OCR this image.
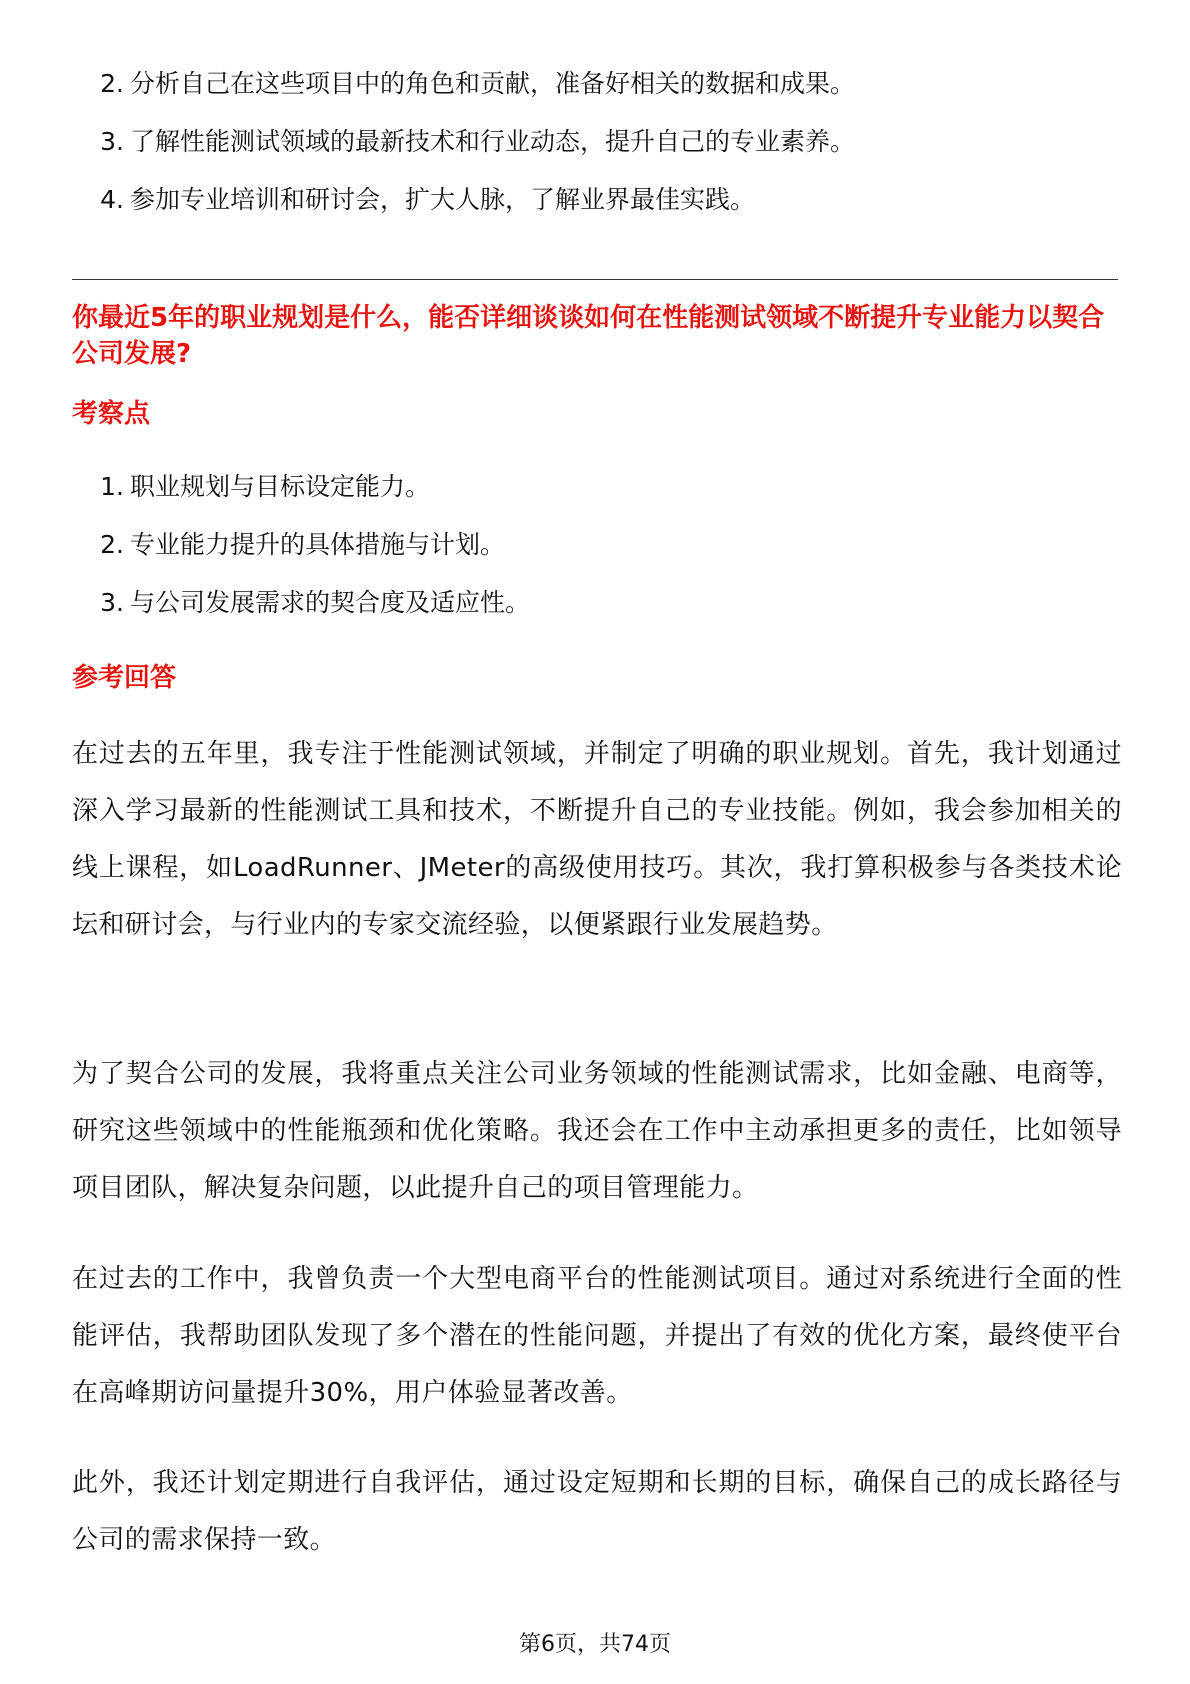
2. 分析自己在这些项目中的角色和贡献，准备好相关的数据和成果。
3. 了解性能测试领域的最新技术和行业动态，提升自己的专业素养。
4. 参加专业培训和研讨会，扩大人脉，了解业界最佳实践。

你最近5年的职业规划是什么，能否详细谈谈如何在性能测试领域不断提升专业能力以契合公司发展?

考察点

1. 职业规划与目标设定能力。
2. 专业能力提升的具体措施与计划。
3. 与公司发展需求的契合度及适应性。

参考回答

在过去的五年里，我专注于性能测试领域，并制定了明确的职业规划。首先，我计划通过深入学习最新的性能测试工具和技术，不断提升自己的专业技能。例如，我会参加相关的线上课程，如LoadRunner、JMeter的高级使用技巧。其次，我打算积极参与各类技术论坛和研讨会，与行业内的专家交流经验，以便紧跟行业发展趋势。

为了契合公司的发展，我将重点关注公司业务领域的性能测试需求，比如金融、电商等，研究这些领域中的性能瓶颈和优化策略。我还会在工作中主动承担更多的责任，比如领导项目团队，解决复杂问题，以此提升自己的项目管理能力。

在过去的工作中，我曾负责一个大型电商平台的性能测试项目。通过对系统进行全面的性能评估，我帮助团队发现了多个潜在的性能问题，并提出了有效的优化方案，最终使平台在高峰期访问量提升30%，用户体验显著改善。

此外，我还计划定期进行自我评估，通过设定短期和长期的目标，确保自己的成长路径与公司的需求保持一致。

第6页，共74页
